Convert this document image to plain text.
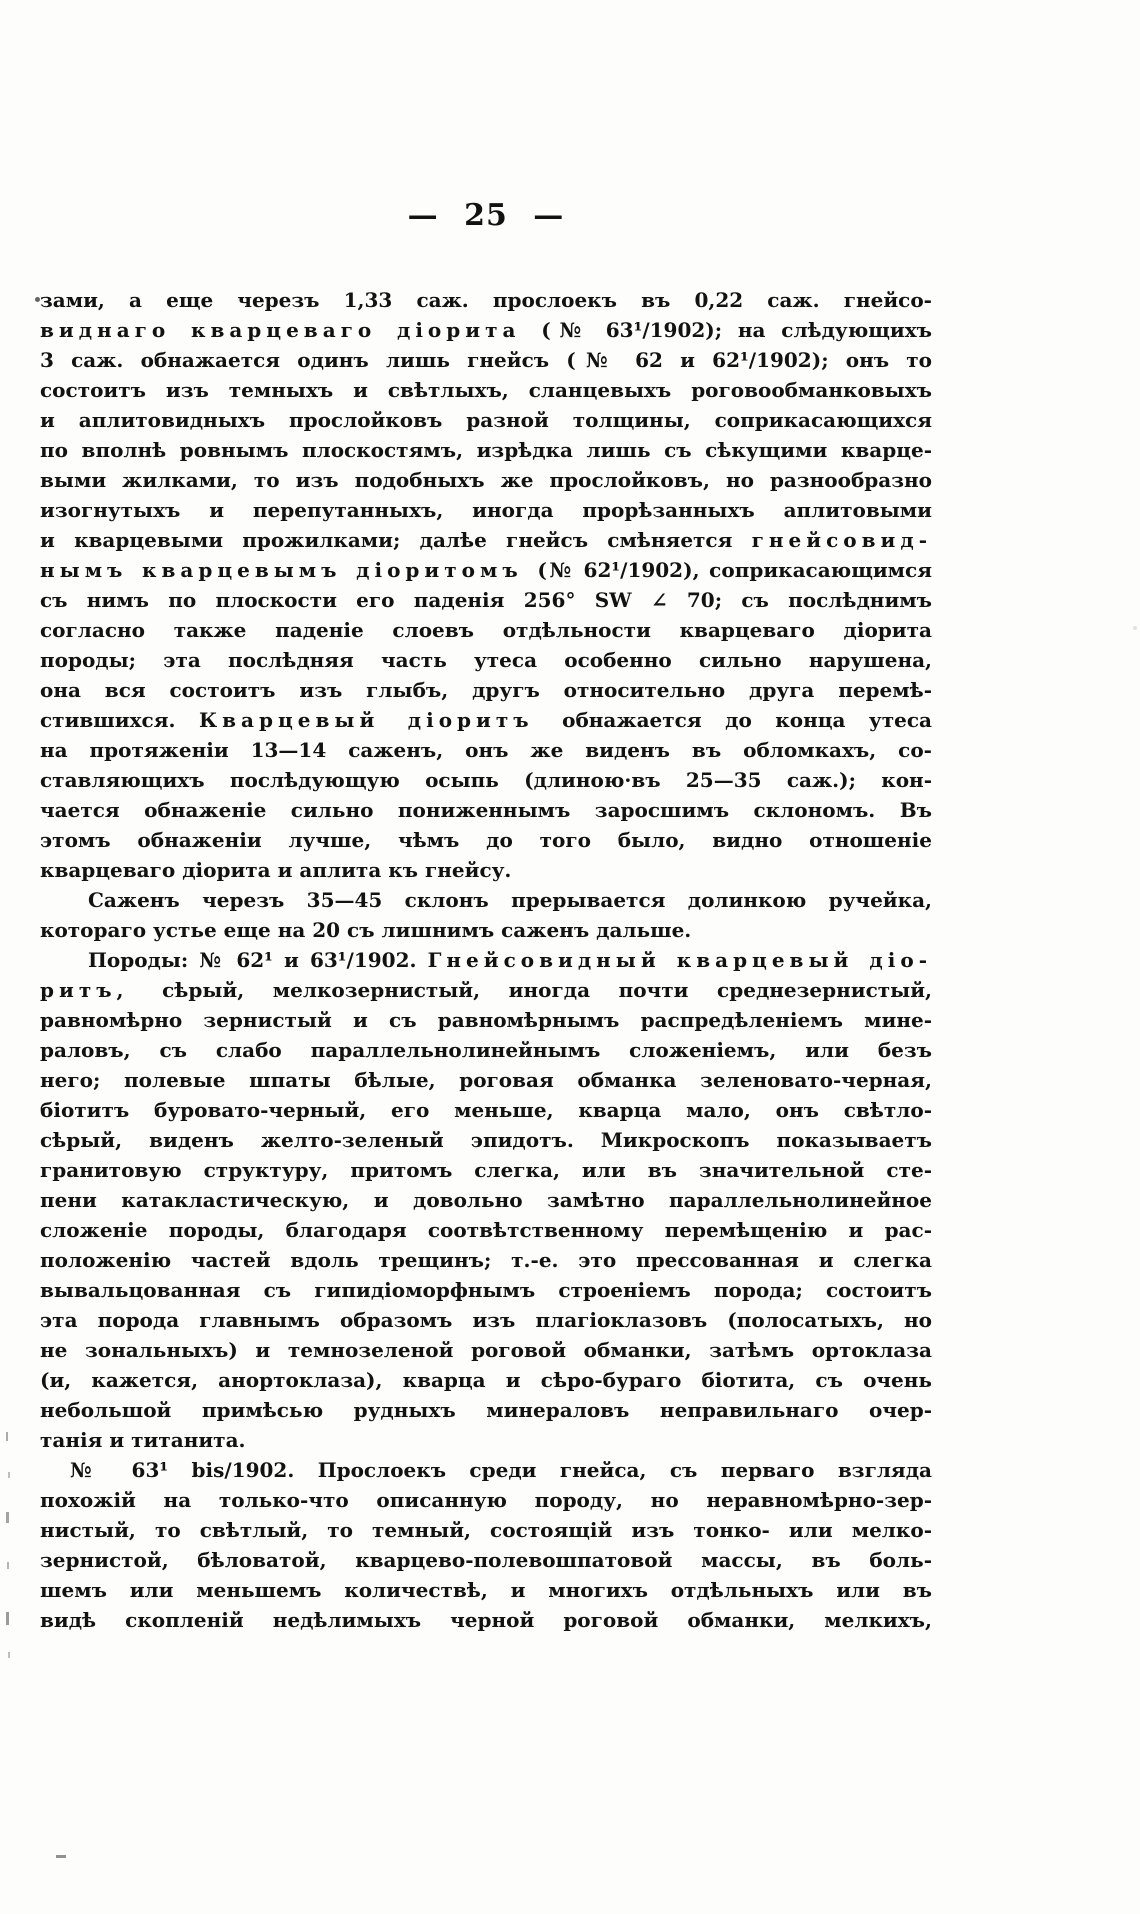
— 25 —
зами, а еще черезъ 1,33 саж. прослоекъ въ 0,22 саж. гнейсо-
виднаго кварцеваго діорита (№ 63¹/1902); на слѣдующихъ
3 саж. обнажается одинъ лишь гнейсъ (№ 62 и 62¹/1902); онъ то
состоитъ изъ темныхъ и свѣтлыхъ, сланцевыхъ роговообманковыхъ
и аплитовидныхъ прослойковъ разной толщины, соприкасающихся
по вполнѣ ровнымъ плоскостямъ, изрѣдка лишь съ сѣкущими кварце-
выми жилками, то изъ подобныхъ же прослойковъ, но разнообразно
изогнутыхъ и перепутанныхъ, иногда прорѣзанныхъ аплитовыми
и кварцевыми прожилками; далѣе гнейсъ смѣняется гнейсовид-
нымъ кварцевымъ діоритомъ (№ 62¹/1902), соприкасающимся
съ нимъ по плоскости его паденія 256° SW ∠ 70; съ послѣднимъ
согласно также паденіе слоевъ отдѣльности кварцеваго діорита
породы; эта послѣдняя часть утеса особенно сильно нарушена,
она вся состоитъ изъ глыбъ, другъ относительно друга перемѣ-
стившихся. Кварцевый діоритъ обнажается до конца утеса
на протяженіи 13—14 саженъ, онъ же виденъ въ обломкахъ, со-
ставляющихъ послѣдующую осыпь (длиною·въ 25—35 саж.); кон-
чается обнаженіе сильно пониженнымъ заросшимъ склономъ. Въ
этомъ обнаженіи лучше, чѣмъ до того было, видно отношеніе
кварцеваго діорита и аплита къ гнейсу.
Саженъ черезъ 35—45 склонъ прерывается долинкою ручейка,
котораго устье еще на 20 съ лишнимъ саженъ дальше.
Породы: № 62¹ и 63¹/1902. Гнейсовидный кварцевый діо-
ритъ, сѣрый, мелкозернистый, иногда почти среднезернистый,
равномѣрно зернистый и съ равномѣрнымъ распредѣленіемъ мине-
раловъ, съ слабо параллельнолинейнымъ сложеніемъ, или безъ
него; полевые шпаты бѣлые, роговая обманка зеленовато-черная,
біотитъ буровато-черный, его меньше, кварца мало, онъ свѣтло-
сѣрый, виденъ желто-зеленый эпидотъ. Микроскопъ показываетъ
гранитовую структуру, притомъ слегка, или въ значительной сте-
пени катакластическую, и довольно замѣтно параллельнолинейное
сложеніе породы, благодаря соотвѣтственному перемѣщенію и рас-
положенію частей вдоль трещинъ; т.-е. это прессованная и слегка
вывальцованная съ гипидіоморфнымъ строеніемъ порода; состоитъ
эта порода главнымъ образомъ изъ плагіоклазовъ (полосатыхъ, но
не зональныхъ) и темнозеленой роговой обманки, затѣмъ ортоклаза
(и, кажется, анортоклаза), кварца и сѣро-бураго біотита, съ очень
небольшой примѣсью рудныхъ минераловъ неправильнаго очер-
танія и титанита.
№ 63¹ bis/1902. Прослоекъ среди гнейса, съ перваго взгляда
похожій на только-что описанную породу, но неравномѣрно-зер-
нистый, то свѣтлый, то темный, состоящій изъ тонко- или мелко-
зернистой, бѣловатой, кварцево-полевошпатовой массы, въ боль-
шемъ или меньшемъ количествѣ, и многихъ отдѣльныхъ или въ
видѣ скопленій недѣлимыхъ черной роговой обманки, мелкихъ,
